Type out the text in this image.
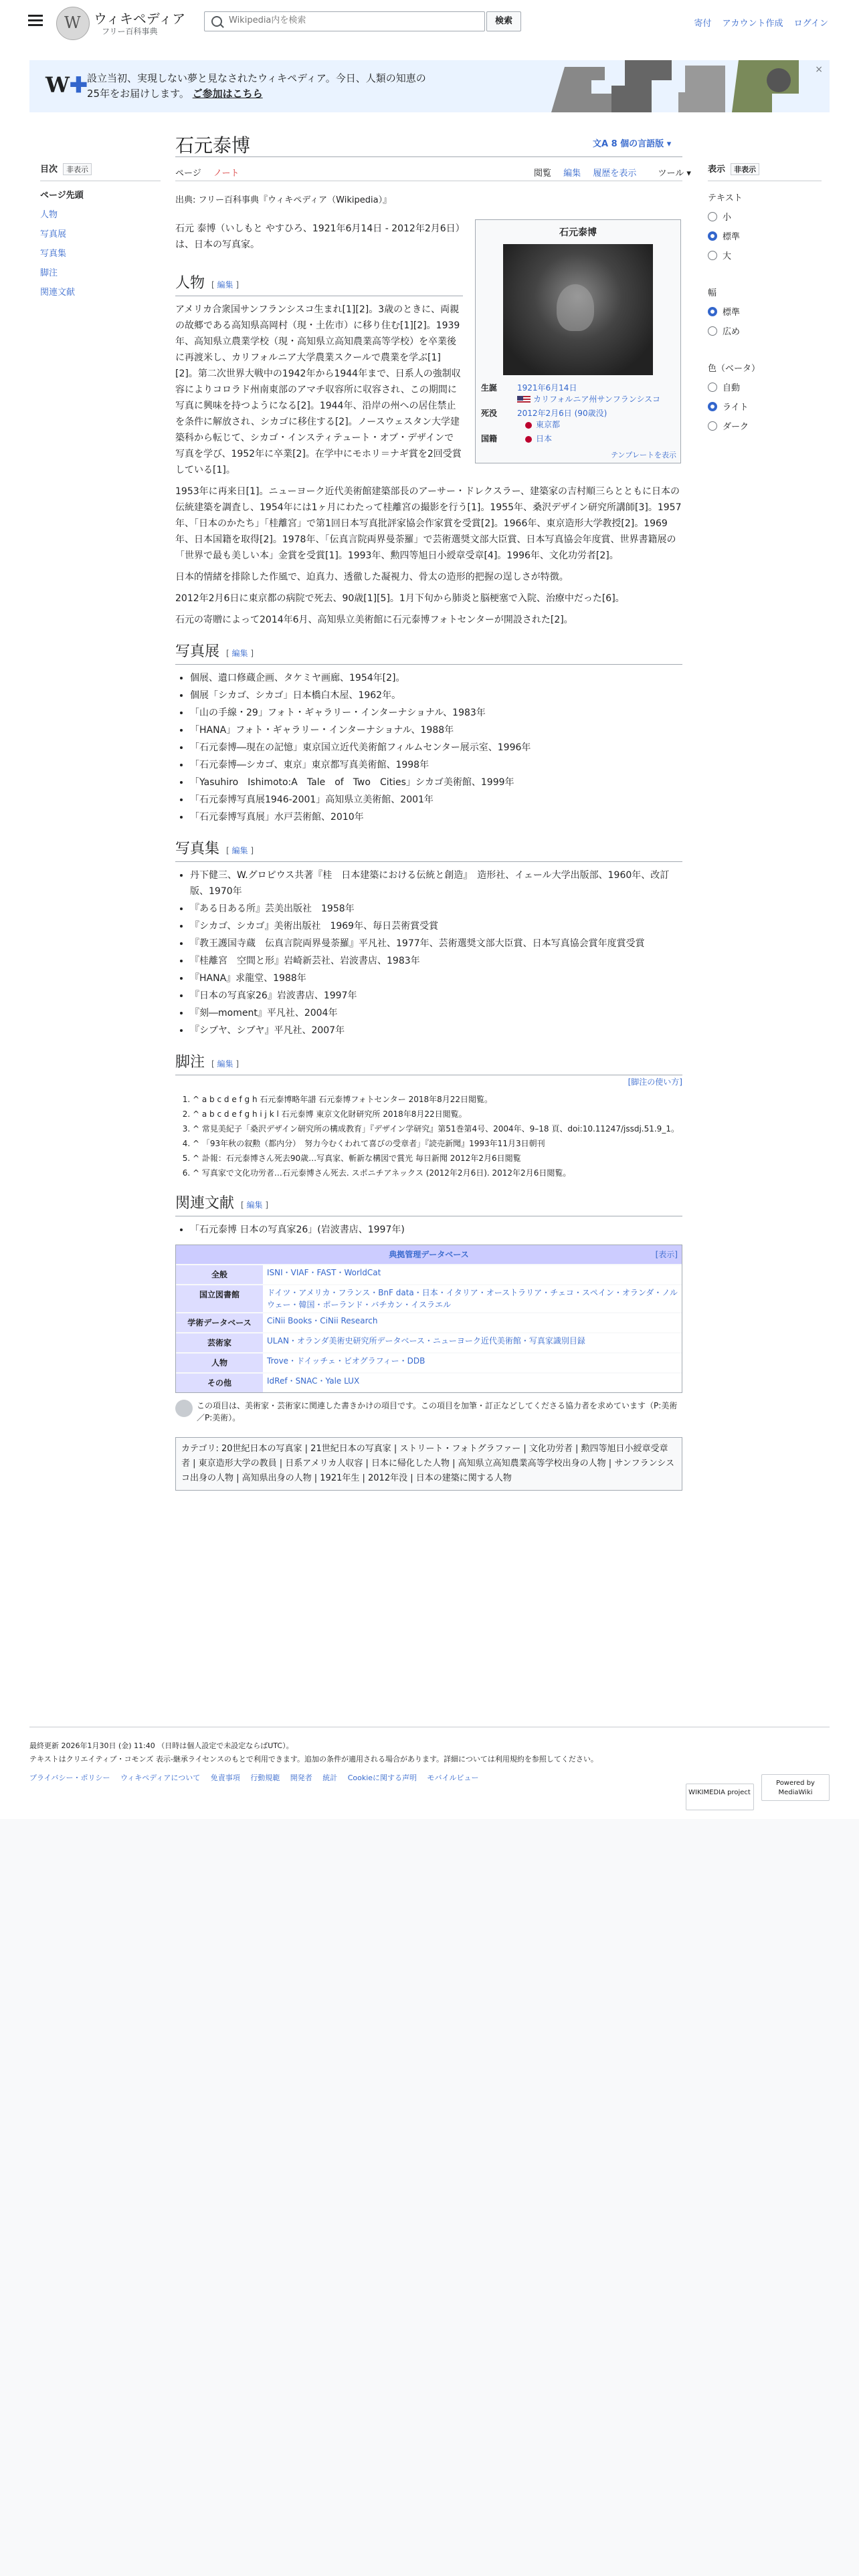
W
ウィキペディア
フリー百科事典
Wikipedia内を検索
検索	寄付 アカウント作成 ログイン
W✚ 設立当初、実現しない夢と見なされたウィキペディア。今日、人類の知恵の25年をお届けします。 ご参加はこちら
×
石元泰博	文A 8 個の言語版 ▾
ページ ノート	閲覧 編集 履歴を表示 ツール ▾
目次 非表示
ページ先頭
人物
写真展
写真集
脚注
関連文献
表示 非表示
テキスト
小
標準
大
幅
標準
広め
色（ベータ）
自動
ライト
ダーク
石元泰博
生誕	1921年6月14日
カリフォルニア州サンフランシスコ
死没	2012年2月6日 (90歳没)
東京都
国籍	日本
テンプレートを表示
出典: フリー百科事典『ウィキペディア（Wikipedia）』

石元 泰博（いしもと やすひろ、1921年6月14日 - 2012年2月6日）は、日本の写真家。

人物 [ 編集 ]

アメリカ合衆国サンフランシスコ生まれ[1][2]。3歳のときに、両親の故郷である高知県高岡村（現・土佐市）に移り住む[1][2]。1939年、高知県立農業学校（現・高知県立高知農業高等学校）を卒業後に再渡米し、カリフォルニア大学農業スクールで農業を学ぶ[1][2]。第二次世界大戦中の1942年から1944年まで、日系人の強制収容によりコロラド州南東部のアマチ収容所に収容され、この期間に写真に興味を持つようになる[2]。1944年、沿岸の州への居住禁止を条件に解放され、シカゴに移住する[2]。ノースウェスタン大学建築科から転じて、シカゴ・インスティテュート・オブ・デザインで写真を学び、1952年に卒業[2]。在学中にモホリ＝ナギ賞を2回受賞している[1]。

1953年に再来日[1]。ニューヨーク近代美術館建築部長のアーサー・ドレクスラー、建築家の吉村順三らとともに日本の伝統建築を調査し、1954年には1ヶ月にわたって桂離宮の撮影を行う[1]。1955年、桑沢デザイン研究所講師[3]。1957年、「日本のかたち」「桂離宮」で第1回日本写真批評家協会作家賞を受賞[2]。1966年、東京造形大学教授[2]。1969年、日本国籍を取得[2]。1978年、「伝真言院両界曼荼羅」で芸術選奨文部大臣賞、日本写真協会年度賞、世界書籍展の「世界で最も美しい本」金賞を受賞[1]。1993年、勲四等旭日小綬章受章[4]。1996年、文化功労者[2]。

日本的情緒を排除した作風で、迫真力、透徹した凝視力、骨太の造形的把握の逞しさが特徴。

2012年2月6日に東京都の病院で死去、90歳[1][5]。1月下旬から肺炎と脳梗塞で入院、治療中だった[6]。

石元の寄贈によって2014年6月、高知県立美術館に石元泰博フォトセンターが開設された[2]。

写真展 [ 編集 ]
• 個展、遺口修蔵企画、タケミヤ画廊、1954年[2]。
• 個展「シカゴ、シカゴ」日本橋白木屋、1962年。
• 「山の手線・29」フォト・ギャラリー・インターナショナル、1983年
• 「HANA」フォト・ギャラリー・インターナショナル、1988年
• 「石元泰博―現在の記憶」東京国立近代美術館フィルムセンター展示室、1996年
• 「石元泰博―シカゴ、東京」東京都写真美術館、1998年
• 「Yasuhiro　Ishimoto:A　Tale　of　Two　Cities」シカゴ美術館、1999年
• 「石元泰博写真展1946-2001」高知県立美術館、2001年
• 「石元泰博写真展」水戸芸術館、2010年
写真集 [ 編集 ]
• 丹下健三、W.グロピウス共著『桂　日本建築における伝統と創造』　造形社、イェール大学出版部、1960年、改訂版、1970年
• 『ある日ある所』芸美出版社　1958年
• 『シカゴ、シカゴ』美術出版社　1969年、毎日芸術賞受賞
• 『教王護国寺蔵　伝真言院両界曼荼羅』平凡社、1977年、芸術選奨文部大臣賞、日本写真協会賞年度賞受賞
• 『桂離宮　空間と形』岩崎新芸社、岩波書店、1983年
• 『HANA』求龍堂、1988年
• 『日本の写真家26』岩波書店、1997年
• 『刻―moment』平凡社、2004年
• 『シブヤ、シブヤ』平凡社、2007年
脚注 [ 編集 ]
[脚注の使い方]
1. ^ a b c d e f g h 石元泰博略年譜 石元泰博フォトセンター 2018年8月22日閲覧。
2. ^ a b c d e f g h i j k l 石元泰博 東京文化財研究所 2018年8月22日閲覧。
3. ^ 常見美紀子「桑沢デザイン研究所の構成教育」『デザイン学研究』第51巻第4号、2004年、9–18 頁、doi:10.11247/jssdj.51.9_1。
4. ^ 「93年秋の叙勲（都内分）　努力今むくわれて喜びの受章者」『読売新聞』1993年11月3日朝刊
5. ^ 訃報：石元泰博さん死去90歳…写真家、斬新な構図で賞光 毎日新聞 2012年2月6日閲覧
6. ^ 写真家で文化功労者…石元泰博さん死去. スポニチアネックス (2012年2月6日). 2012年2月6日閲覧。
関連文献 [ 編集 ]
• 「石元泰博 日本の写真家26」(岩波書店、1997年)
典拠管理データベース	[表示]
全般	ISNI・VIAF・FAST・WorldCat
国立図書館	ドイツ・アメリカ・フランス・BnF data・日本・イタリア・オーストラリア・チェコ・スペイン・オランダ・ノルウェー・韓国・ポーランド・バチカン・イスラエル
学術データベース	CiNii Books・CiNii Research
芸術家	ULAN・オランダ美術史研究所データベース・ニューヨーク近代美術館・写真家識別目録
人物	Trove・ドイッチェ・ビオグラフィー・DDB
その他	IdRef・SNAC・Yale LUX
この項目は、美術家・芸術家に関連した書きかけの項目です。この項目を加筆・訂正などしてくださる協力者を求めています（P:美術／P:美術）。
カテゴリ: 20世紀日本の写真家 | 21世紀日本の写真家 | ストリート・フォトグラファー | 文化功労者 | 勲四等旭日小綬章受章者 | 東京造形大学の教員 | 日系アメリカ人収容 | 日本に帰化した人物 | 高知県立高知農業高等学校出身の人物 | サンフランシスコ出身の人物 | 高知県出身の人物 | 1921年生 | 2012年没 | 日本の建築に関する人物
最終更新 2026年1月30日 (金) 11:40 （日時は個人設定で未設定ならばUTC）。
テキストはクリエイティブ・コモンズ 表示-継承ライセンスのもとで利用できます。追加の条件が適用される場合があります。詳細については利用規約を参照してください。
プライバシー・ポリシー ウィキペディアについて 免責事項 行動規範 開発者 統計 Cookieに関する声明 モバイルビュー
WIKIMEDIA project Powered by MediaWiki
